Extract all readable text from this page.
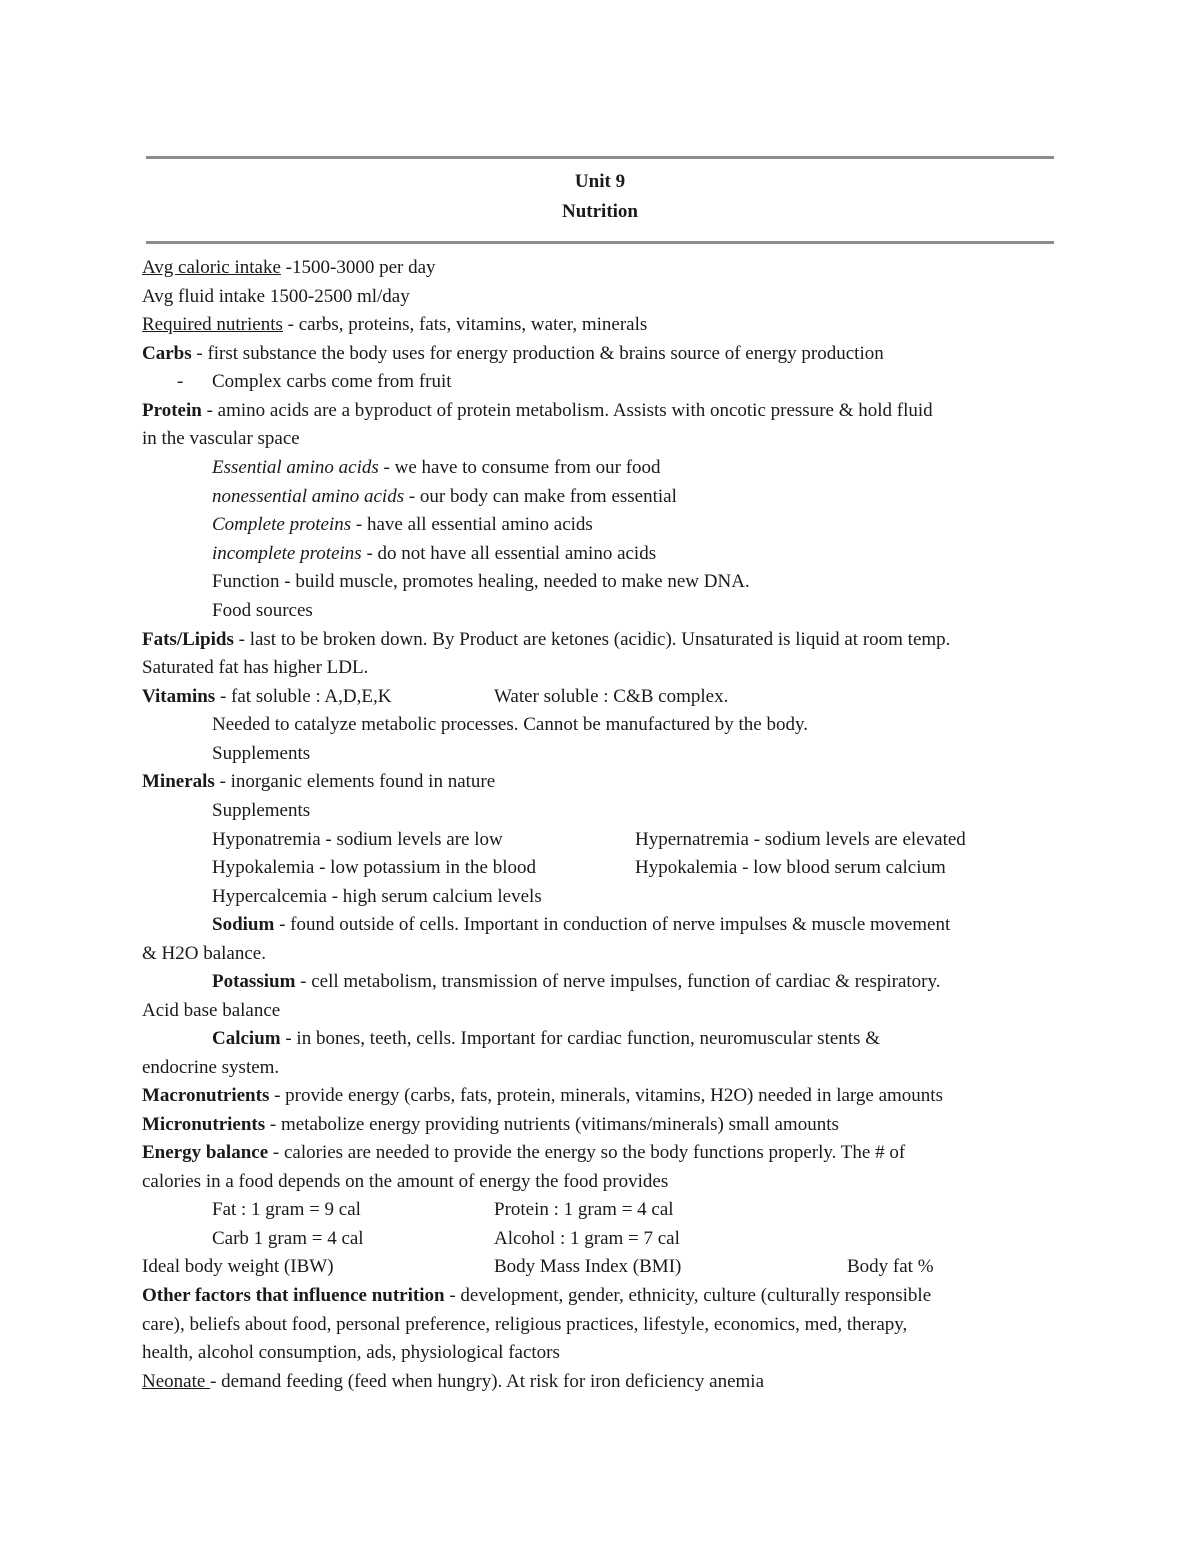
Unit 9
Nutrition
Avg caloric intake -1500-3000 per day
Avg fluid intake 1500-2500 ml/day
Required nutrients - carbs, proteins, fats, vitamins, water, minerals
Carbs - first substance the body uses for energy production & brains source of energy production
- Complex carbs come from fruit
Protein - amino acids are a byproduct of protein metabolism. Assists with oncotic pressure & hold fluid
in the vascular space
Essential amino acids - we have to consume from our food
nonessential amino acids - our body can make from essential
Complete proteins - have all essential amino acids
incomplete proteins - do not have all essential amino acids
Function - build muscle, promotes healing, needed to make new DNA.
Food sources
Fats/Lipids - last to be broken down. By Product are ketones (acidic). Unsaturated is liquid at room temp.
Saturated fat has higher LDL.
Vitamins - fat soluble : A,D,E,K	Water soluble : C&B complex.
Needed to catalyze metabolic processes. Cannot be manufactured by the body.
Supplements
Minerals - inorganic elements found in nature
Supplements
Hyponatremia - sodium levels are low	Hypernatremia - sodium levels are elevated
Hypokalemia - low potassium in the blood	Hypokalemia - low blood serum calcium
Hypercalcemia - high serum calcium levels
Sodium - found outside of cells. Important in conduction of nerve impulses & muscle movement
& H2O balance.
Potassium - cell metabolism, transmission of nerve impulses, function of cardiac & respiratory.
Acid base balance
Calcium - in bones, teeth, cells. Important for cardiac function, neuromuscular stents &
endocrine system.
Macronutrients - provide energy (carbs, fats, protein, minerals, vitamins, H2O) needed in large amounts
Micronutrients - metabolize energy providing nutrients (vitimans/minerals) small amounts
Energy balance - calories are needed to provide the energy so the body functions properly. The # of
calories in a food depends on the amount of energy the food provides
Fat : 1 gram = 9 cal	Protein : 1 gram = 4 cal
Carb 1 gram = 4 cal	Alcohol : 1 gram = 7 cal
Ideal body weight (IBW)	Body Mass Index (BMI)	Body fat %
Other factors that influence nutrition - development, gender, ethnicity, culture (culturally responsible
care), beliefs about food, personal preference, religious practices, lifestyle, economics, med, therapy,
health, alcohol consumption, ads, physiological factors
Neonate - demand feeding (feed when hungry). At risk for iron deficiency anemia
